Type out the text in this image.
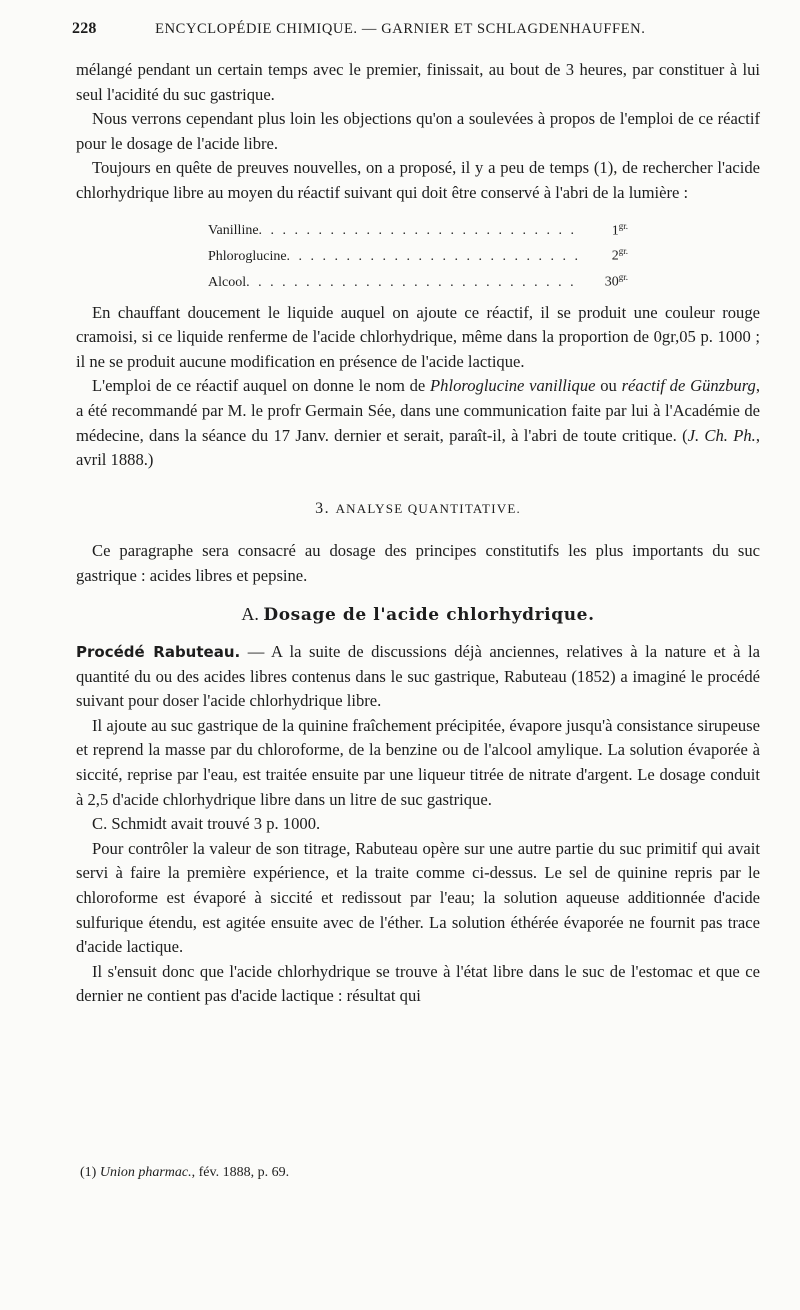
228	ENCYCLOPÉDIE CHIMIQUE. — GARNIER ET SCHLAGDENHAUFFEN.

mélangé pendant un certain temps avec le premier, finissait, au bout de 3 heures, par constituer à lui seul l'acidité du suc gastrique.

Nous verrons cependant plus loin les objections qu'on a soulevées à propos de l'emploi de ce réactif pour le dosage de l'acide libre.

Toujours en quête de preuves nouvelles, on a proposé, il y a peu de temps (1), de rechercher l'acide chlorhydrique libre au moyen du réactif suivant qui doit être conservé à l'abri de la lumière :

Vanilline . . .	$1^{gr.}$
Phloroglucine . . .	$2^{gr.}$
Alcool . . .	$30^{gr.}$

En chauffant doucement le liquide auquel on ajoute ce réactif, il se produit une couleur rouge cramoisi, si ce liquide renferme de l'acide chlorhydrique, même dans la proportion de 0gr,05 p. 1000 ; il ne se produit aucune modification en présence de l'acide lactique.

L'emploi de ce réactif auquel on donne le nom de Phloroglucine vanillique ou réactif de Günzburg, a été recommandé par M. le profr Germain Sée, dans une communication faite par lui à l'Académie de médecine, dans la séance du 17 Janv. dernier et serait, paraît-il, à l'abri de toute critique. (J. Ch. Ph., avril 1888.)

3. ANALYSE QUANTITATIVE.

Ce paragraphe sera consacré au dosage des principes constitutifs les plus importants du suc gastrique : acides libres et pepsine.

A. Dosage de l'acide chlorhydrique.

Procédé Rabuteau. — A la suite de discussions déjà anciennes, relatives à la nature et à la quantité du ou des acides libres contenus dans le suc gastrique, Rabuteau (1852) a imaginé le procédé suivant pour doser l'acide chlorhydrique libre.

Il ajoute au suc gastrique de la quinine fraîchement précipitée, évapore jusqu'à consistance sirupeuse et reprend la masse par du chloroforme, de la benzine ou de l'alcool amylique. La solution évaporée à siccité, reprise par l'eau, est traitée ensuite par une liqueur titrée de nitrate d'argent. Le dosage conduit à 2,5 d'acide chlorhydrique libre dans un litre de suc gastrique.

C. Schmidt avait trouvé 3 p. 1000.

Pour contrôler la valeur de son titrage, Rabuteau opère sur une autre partie du suc primitif qui avait servi à faire la première expérience, et la traite comme ci-dessus. Le sel de quinine repris par le chloroforme est évaporé à siccité et redissout par l'eau; la solution aqueuse additionnée d'acide sulfurique étendu, est agitée ensuite avec de l'éther. La solution éthérée évaporée ne fournit pas trace d'acide lactique.

Il s'ensuit donc que l'acide chlorhydrique se trouve à l'état libre dans le suc de l'estomac et que ce dernier ne contient pas d'acide lactique : résultat qui

(1) Union pharmac., fév. 1888, p. 69.
